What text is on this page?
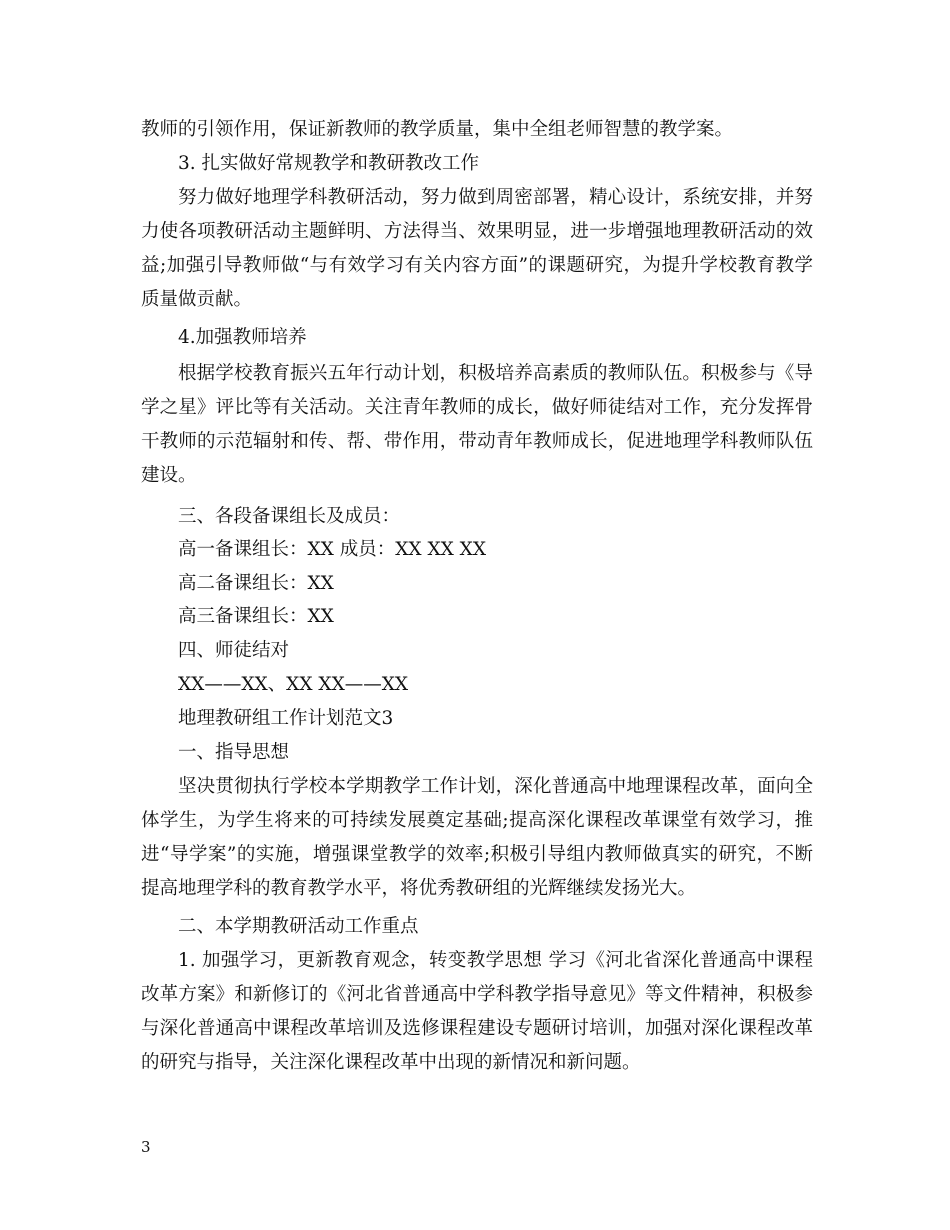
教师的引领作用，保证新教师的教学质量，集中全组老师智慧的教学案。

3. 扎实做好常规教学和教研教改工作

努力做好地理学科教研活动，努力做到周密部署，精心设计，系统安排，并努力使各项教研活动主题鲜明、方法得当、效果明显，进一步增强地理教研活动的效益;加强引导教师做“与有效学习有关内容方面”的课题研究，为提升学校教育教学质量做贡献。

4.加强教师培养

根据学校教育振兴五年行动计划，积极培养高素质的教师队伍。积极参与《导学之星》评比等有关活动。关注青年教师的成长，做好师徒结对工作，充分发挥骨干教师的示范辐射和传、帮、带作用，带动青年教师成长，促进地理学科教师队伍建设。

三、各段备课组长及成员：

高一备课组长：XX 成员：XX XX XX

高二备课组长：XX

高三备课组长：XX

四、师徒结对

XX——XX、XX XX——XX

地理教研组工作计划范文3

一、指导思想

坚决贯彻执行学校本学期教学工作计划，深化普通高中地理课程改革，面向全体学生，为学生将来的可持续发展奠定基础;提高深化课程改革课堂有效学习，推进“导学案”的实施，增强课堂教学的效率;积极引导组内教师做真实的研究，不断提高地理学科的教育教学水平，将优秀教研组的光辉继续发扬光大。

二、本学期教研活动工作重点

1. 加强学习，更新教育观念，转变教学思想 学习《河北省深化普通高中课程改革方案》和新修订的《河北省普通高中学科教学指导意见》等文件精神，积极参与深化普通高中课程改革培训及选修课程建设专题研讨培训，加强对深化课程改革的研究与指导，关注深化课程改革中出现的新情况和新问题。

3
